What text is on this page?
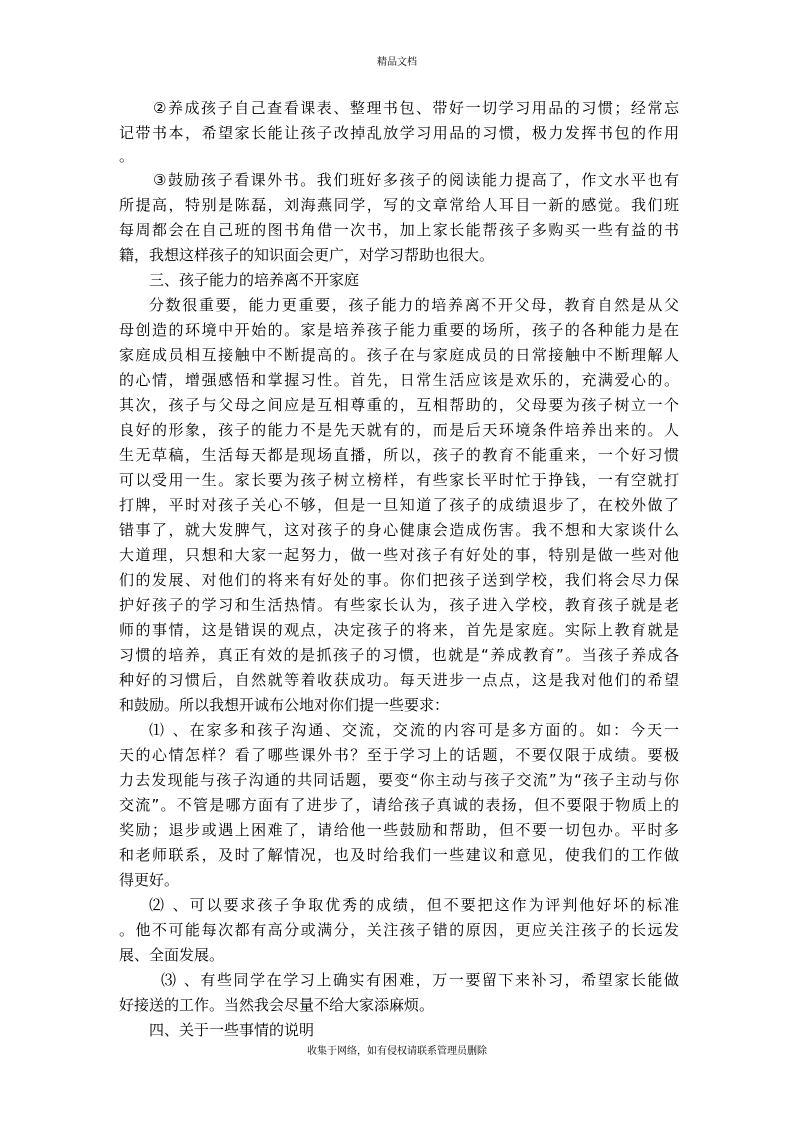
精品文档
②养成孩子自己查看课表、整理书包、带好一切学习用品的习惯；经常忘
记带书本，希望家长能让孩子改掉乱放学习用品的习惯，极力发挥书包的作用
。
③鼓励孩子看课外书。我们班好多孩子的阅读能力提高了，作文水平也有
所提高，特别是陈磊，刘海燕同学，写的文章常给人耳目一新的感觉。我们班
每周都会在自己班的图书角借一次书，加上家长能帮孩子多购买一些有益的书
籍，我想这样孩子的知识面会更广，对学习帮助也很大。
三、孩子能力的培养离不开家庭
分数很重要，能力更重要，孩子能力的培养离不开父母，教育自然是从父
母创造的环境中开始的。家是培养孩子能力重要的场所，孩子的各种能力是在
家庭成员相互接触中不断提高的。孩子在与家庭成员的日常接触中不断理解人
的心情，增强感悟和掌握习性。首先，日常生活应该是欢乐的，充满爱心的。
其次，孩子与父母之间应是互相尊重的，互相帮助的，父母要为孩子树立一个
良好的形象，孩子的能力不是先天就有的，而是后天环境条件培养出来的。人
生无草稿，生活每天都是现场直播，所以，孩子的教育不能重来，一个好习惯
可以受用一生。家长要为孩子树立榜样，有些家长平时忙于挣钱，一有空就打
打牌，平时对孩子关心不够，但是一旦知道了孩子的成绩退步了，在校外做了
错事了，就大发脾气，这对孩子的身心健康会造成伤害。我不想和大家谈什么
大道理，只想和大家一起努力，做一些对孩子有好处的事，特别是做一些对他
们的发展、对他们的将来有好处的事。你们把孩子送到学校，我们将会尽力保
护好孩子的学习和生活热情。有些家长认为，孩子进入学校，教育孩子就是老
师的事情，这是错误的观点，决定孩子的将来，首先是家庭。实际上教育就是
习惯的培养，真正有效的是抓孩子的习惯，也就是“养成教育”。当孩子养成各
种好的习惯后，自然就等着收获成功。每天进步一点点，这是我对他们的希望
和鼓励。所以我想开诚布公地对你们提一些要求：
⑴ 、在家多和孩子沟通、交流，交流的内容可是多方面的。如：今天一
天的心情怎样？看了哪些课外书？至于学习上的话题，不要仅限于成绩。要极
力去发现能与孩子沟通的共同话题，要变“你主动与孩子交流”为“孩子主动与你
交流”。不管是哪方面有了进步了，请给孩子真诚的表扬，但不要限于物质上的
奖励；退步或遇上困难了，请给他一些鼓励和帮助，但不要一切包办。平时多
和老师联系，及时了解情况，也及时给我们一些建议和意见，使我们的工作做
得更好。
⑵ 、可以要求孩子争取优秀的成绩，但不要把这作为评判他好坏的标准
。他不可能每次都有高分或满分，关注孩子错的原因，更应关注孩子的长远发
展、全面发展。
⑶ 、有些同学在学习上确实有困难，万一要留下来补习，希望家长能做
好接送的工作。当然我会尽量不给大家添麻烦。
四、关于一些事情的说明
收集于网络，如有侵权请联系管理员删除
